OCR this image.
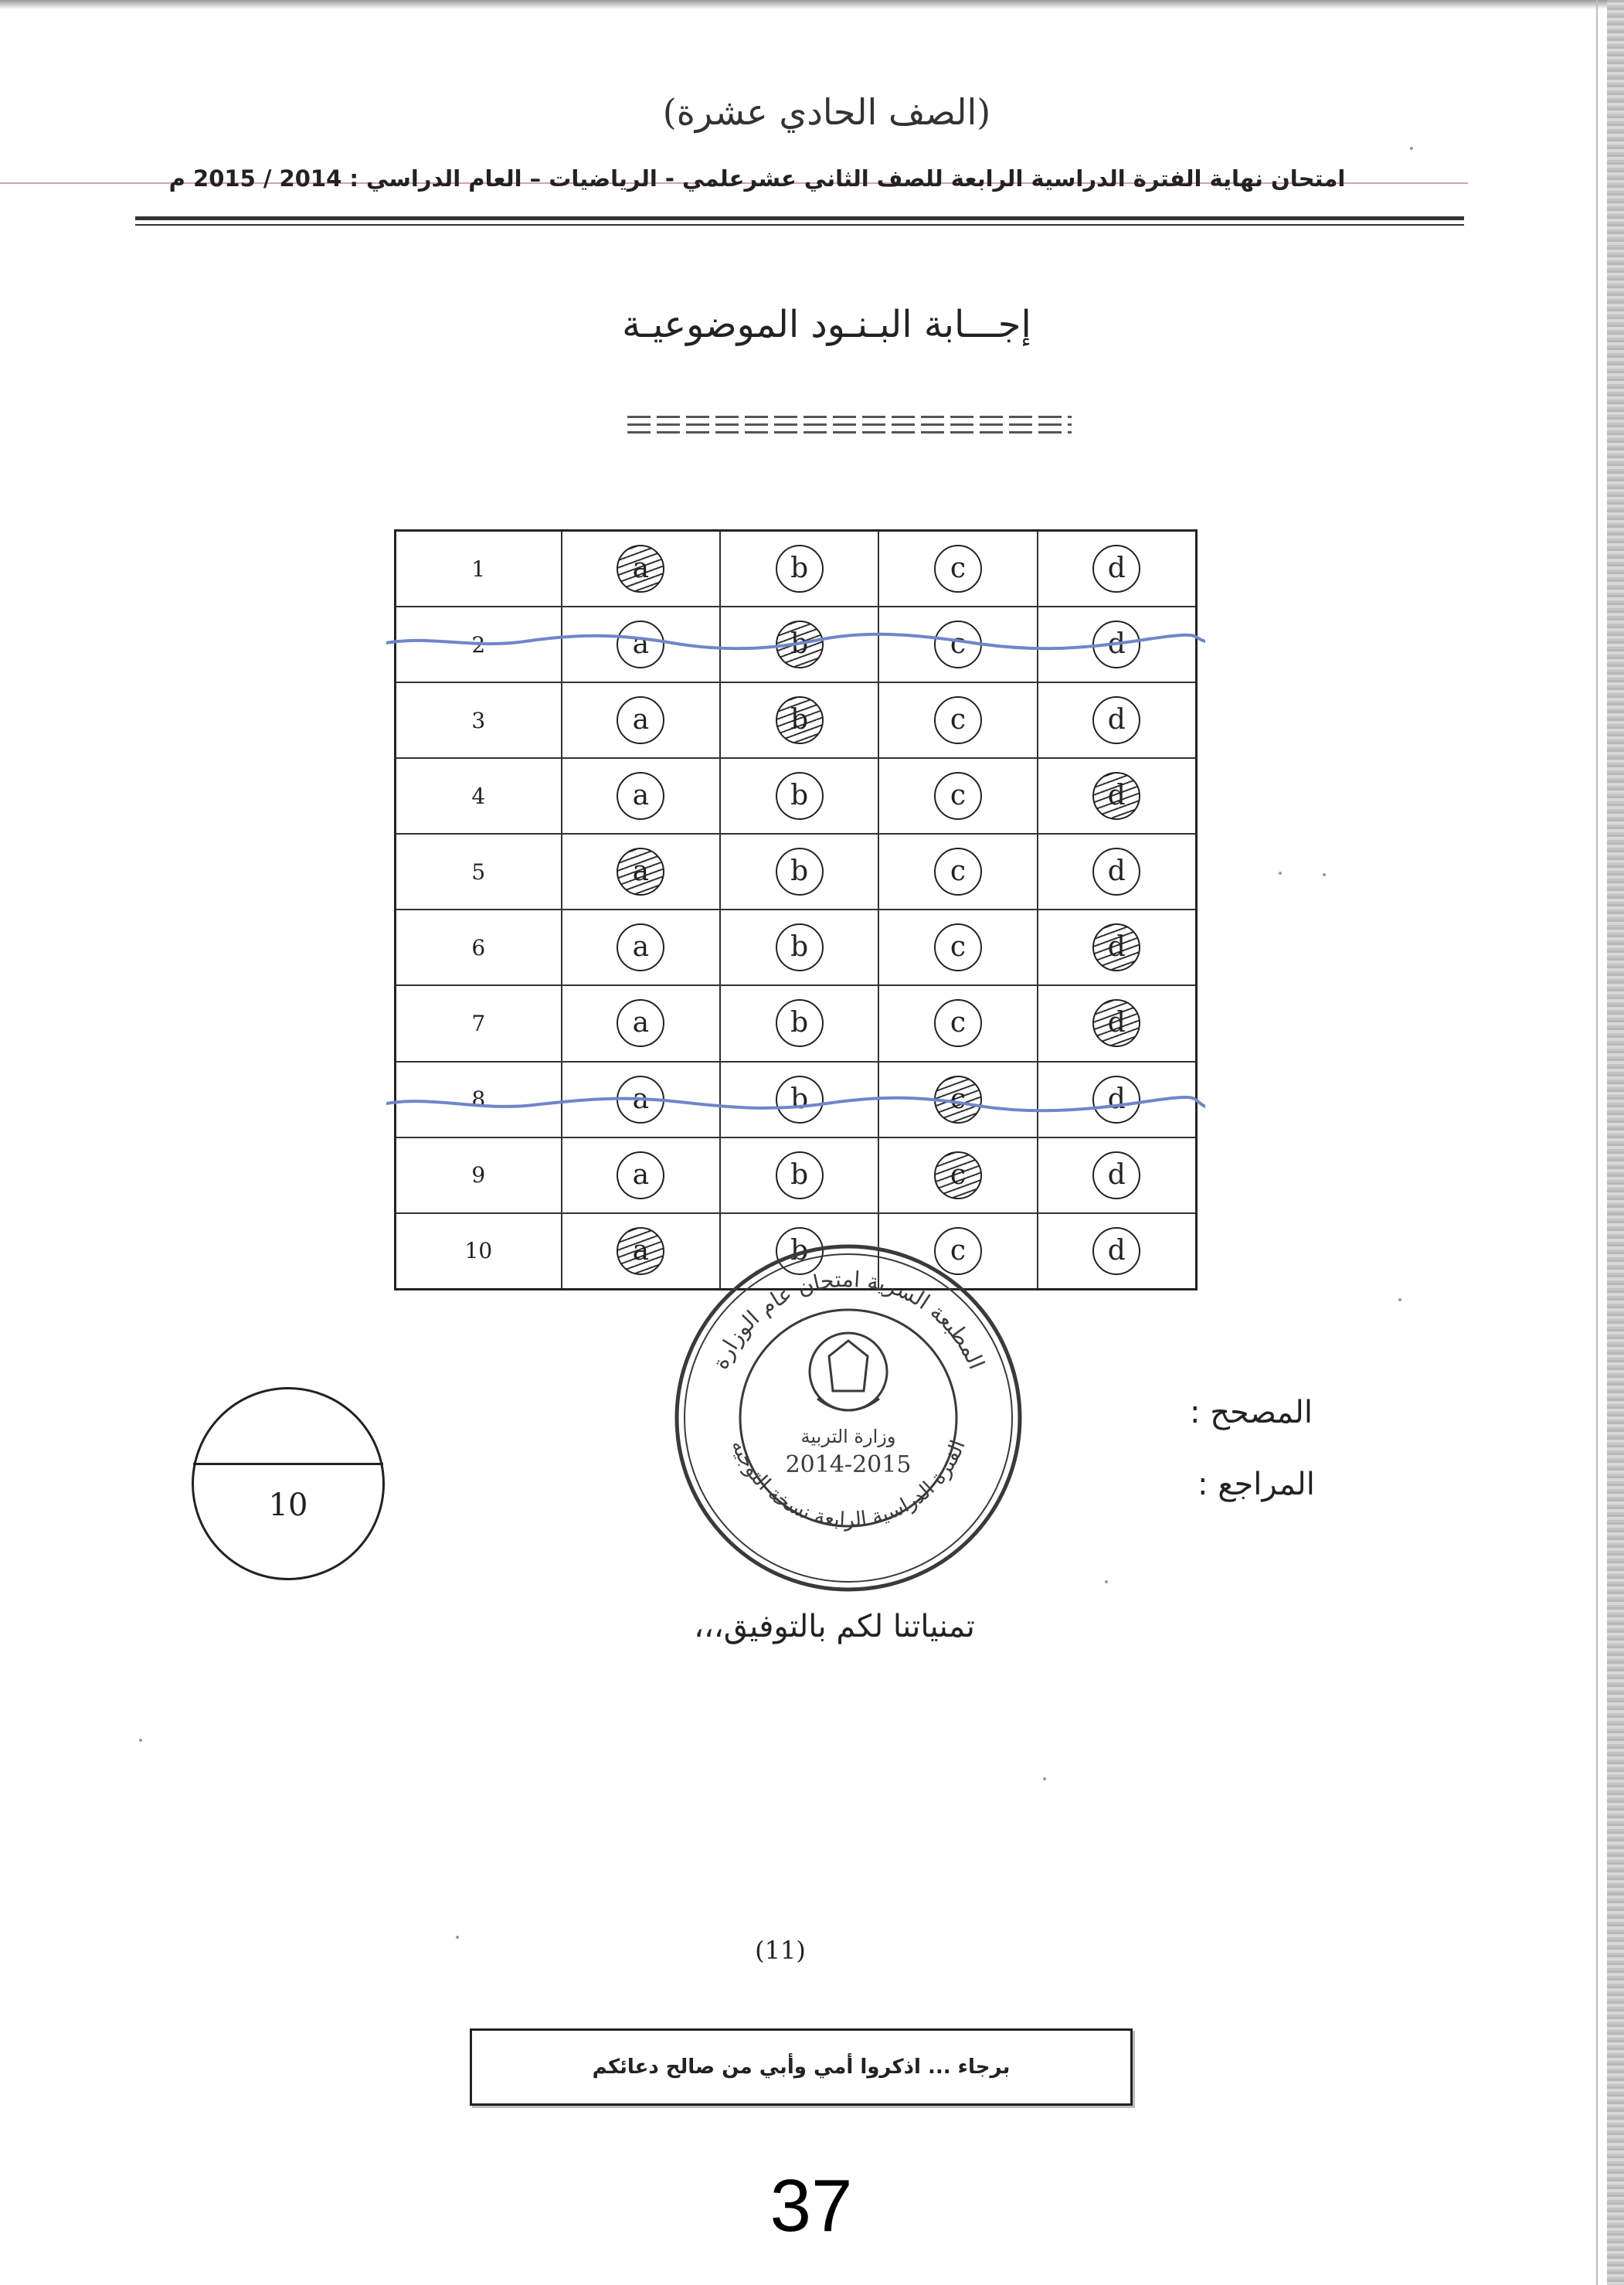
(الصف الحادي عشرة)
امتحان نهاية الفترة الدراسية الرابعة للصف الثاني عشرعلمي - الرياضيات – العام الدراسي : 2014 / 2015 م
إجـــابة البـنـود الموضوعيـة
1	a	b	c	d
2	a	b	c	d
3	a	b	c	d
4	a	b	c	d
5	a	b	c	d
6	a	b	c	d
7	a	b	c	d
8	a	b	c	d
9	a	b	c	d
10	a	b	c	d
المطبعة السرية امتحان عام الوزارة
الفترة الدراسية الرابعة نسخة التوجيه
وزارة التربية
2014-2015
10
المصحح :
المراجع :
تمنياتنا لكم بالتوفيق،،،
(11)
برجاء ... اذكروا أمي وأبي من صالح دعائكم
37
